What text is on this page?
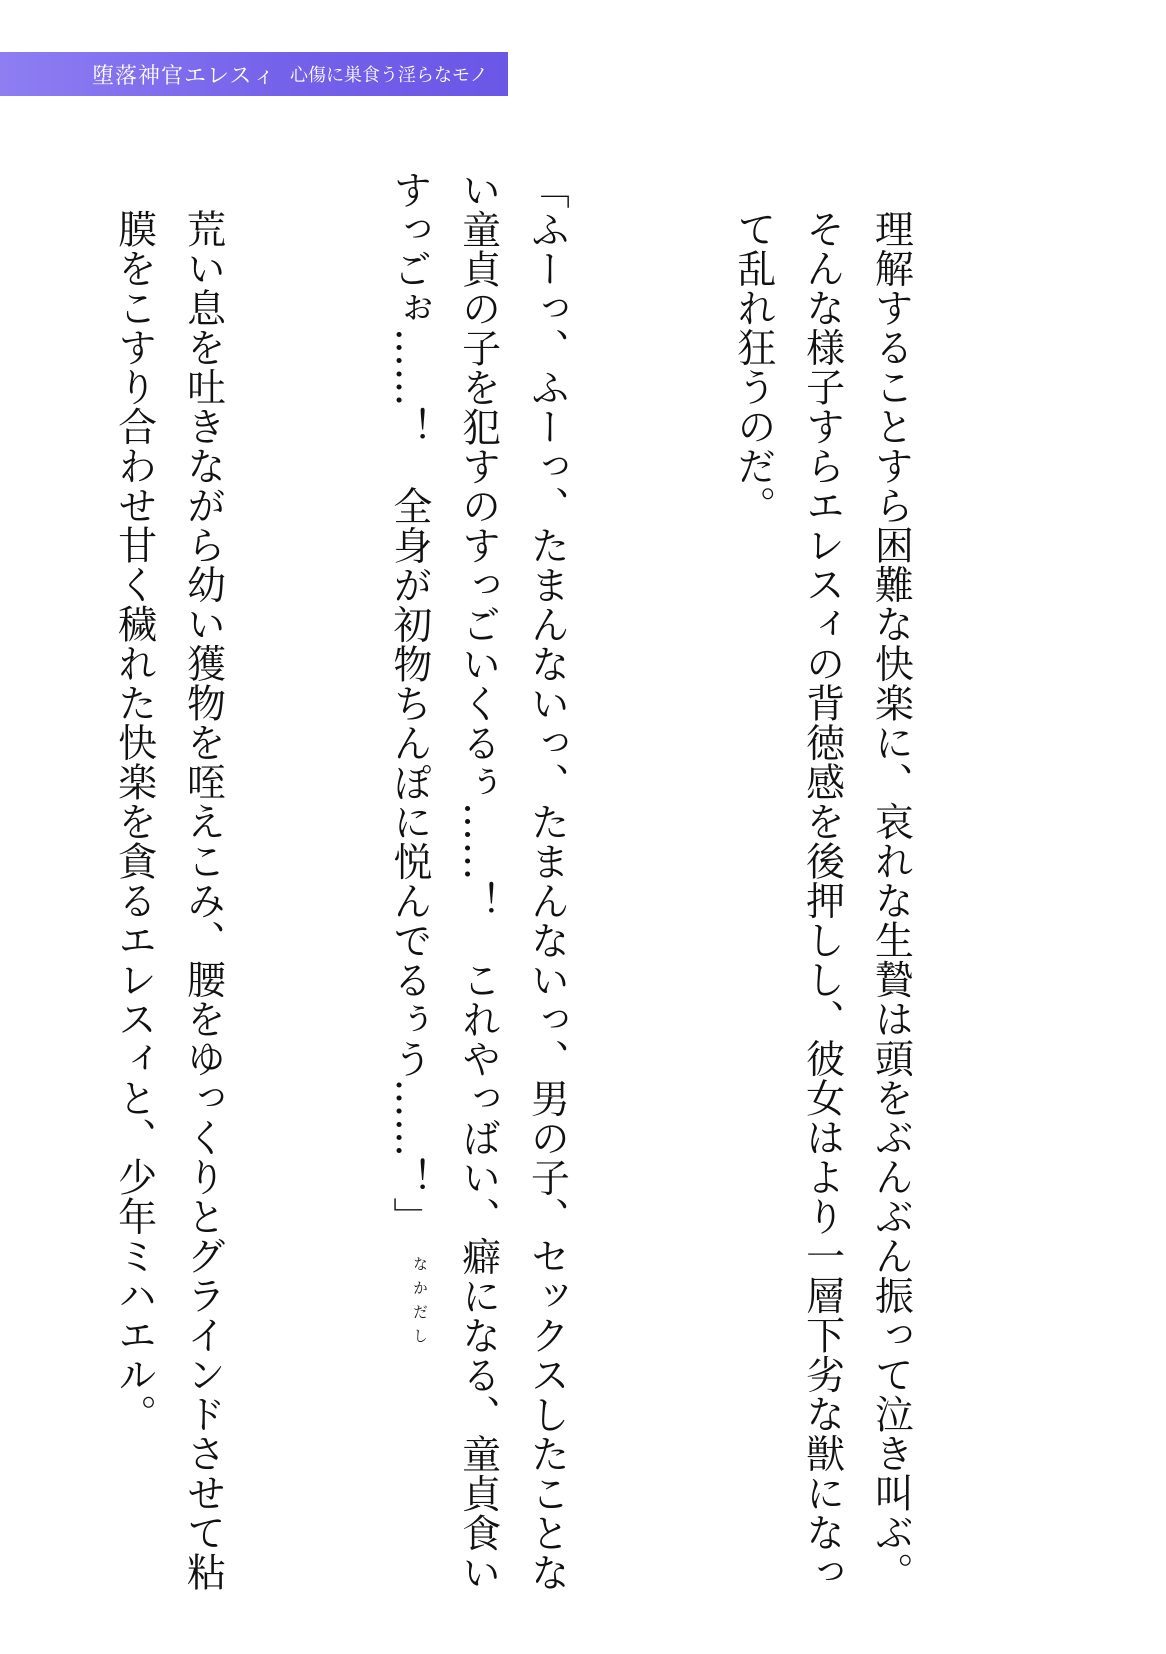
堕落神官エレスィ 心傷に巣食う淫らなモノ

理解することすら困難な快楽に、哀れな生贄は頭をぶんぶん振って泣き叫ぶ。
そんな様子すらエレスィの背徳感を後押しし、彼女はより一層下劣な獣になっ
て乱れ狂うのだ。

「ふーっ、ふーっ、たまんないっ、たまんないっ、男の子、セックスしたことな
い童貞の子を犯すのすっごいくるぅ……！　これやっばい、癖になる、童貞食い
すっごぉ……！　全身が初物ちんぽに悦んでるぅう……！」

荒い息を吐きながら幼い獲物を咥えこみ、腰をゆっくりとグラインドさせて粘
膜をこすり合わせ甘く穢れた快楽を貪るエレスィと、少年ミハエル。

	なかだし
